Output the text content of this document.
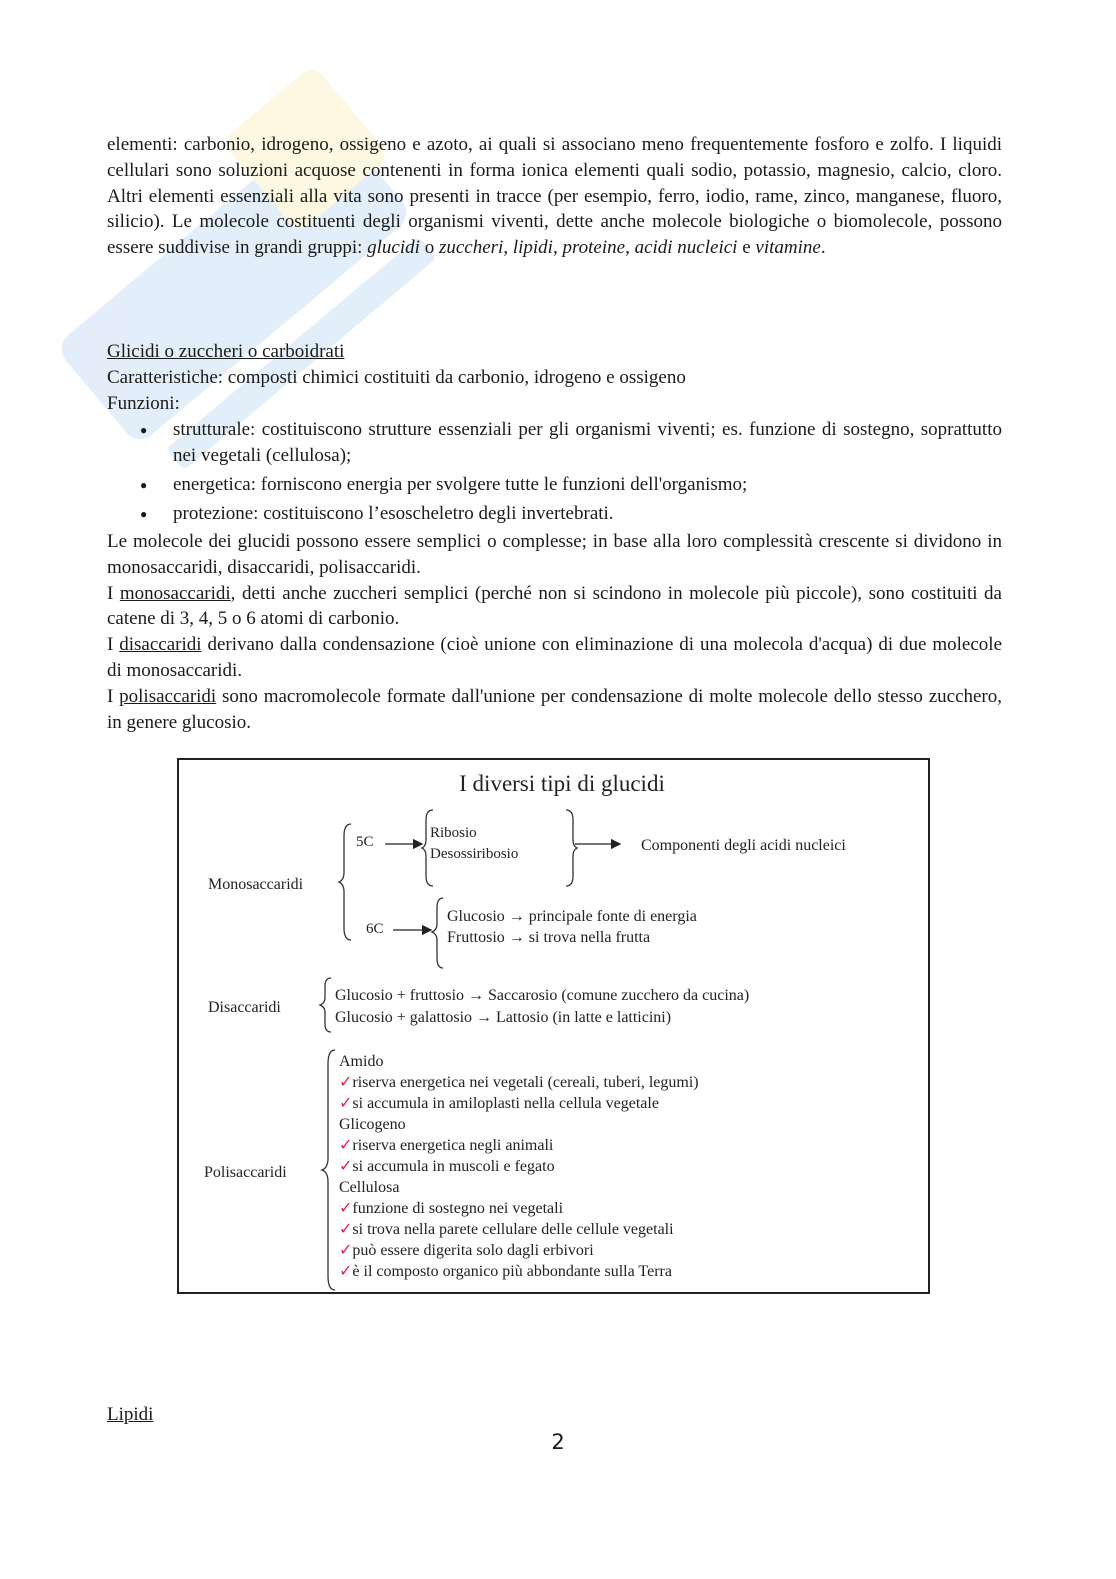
elementi: carbonio, idrogeno, ossigeno e azoto, ai quali si associano meno frequentemente fosforo e zolfo. I liquidi cellulari sono soluzioni acquose contenenti in forma ionica elementi quali sodio, potassio, magnesio, calcio, cloro. Altri elementi essenziali alla vita sono presenti in tracce (per esempio, ferro, iodio, rame, zinco, manganese, fluoro, silicio). Le molecole costituenti degli organismi viventi, dette anche molecole biologiche o biomolecole, possono essere suddivise in grandi gruppi: glucidi o zuccheri, lipidi, proteine, acidi nucleici e vitamine.

Glicidi o zuccheri o carboidrati

Caratteristiche: composti chimici costituiti da carbonio, idrogeno e ossigeno

Funzioni:

● strutturale: costituiscono strutture essenziali per gli organismi viventi; es. funzione di sostegno, soprattutto nei vegetali (cellulosa);
● energetica: forniscono energia per svolgere tutte le funzioni dell'organismo;
● protezione: costituiscono l’esoscheletro degli invertebrati.

Le molecole dei glucidi possono essere semplici o complesse; in base alla loro complessità crescente si dividono in monosaccaridi, disaccaridi, polisaccaridi.

I monosaccaridi, detti anche zuccheri semplici (perché non si scindono in molecole più piccole), sono costituiti da catene di 3, 4, 5 o 6 atomi di carbonio.

I disaccaridi derivano dalla condensazione (cioè unione con eliminazione di una molecola d'acqua) di due molecole di monosaccaridi.

I polisaccaridi sono macromolecole formate dall'unione per condensazione di molte molecole dello stesso zucchero, in genere glucosio.

I diversi tipi di glucidi
Monosaccaridi
5C
Ribosio
Desossiribosio	Componenti degli acidi nucleici
6C
Glucosio → principale fonte di energia
Fruttosio → si trova nella frutta
Disaccaridi
Glucosio + fruttosio → Saccarosio (comune zucchero da cucina)
Glucosio + galattosio → Lattosio (in latte e latticini)
Polisaccaridi
Amido
✓riserva energetica nei vegetali (cereali, tuberi, legumi)
✓si accumula in amiloplasti nella cellula vegetale
Glicogeno
✓riserva energetica negli animali
✓si accumula in muscoli e fegato
Cellulosa
✓funzione di sostegno nei vegetali
✓si trova nella parete cellulare delle cellule vegetali
✓può essere digerita solo dagli erbivori
✓è il composto organico più abbondante sulla Terra
Lipidi
2
